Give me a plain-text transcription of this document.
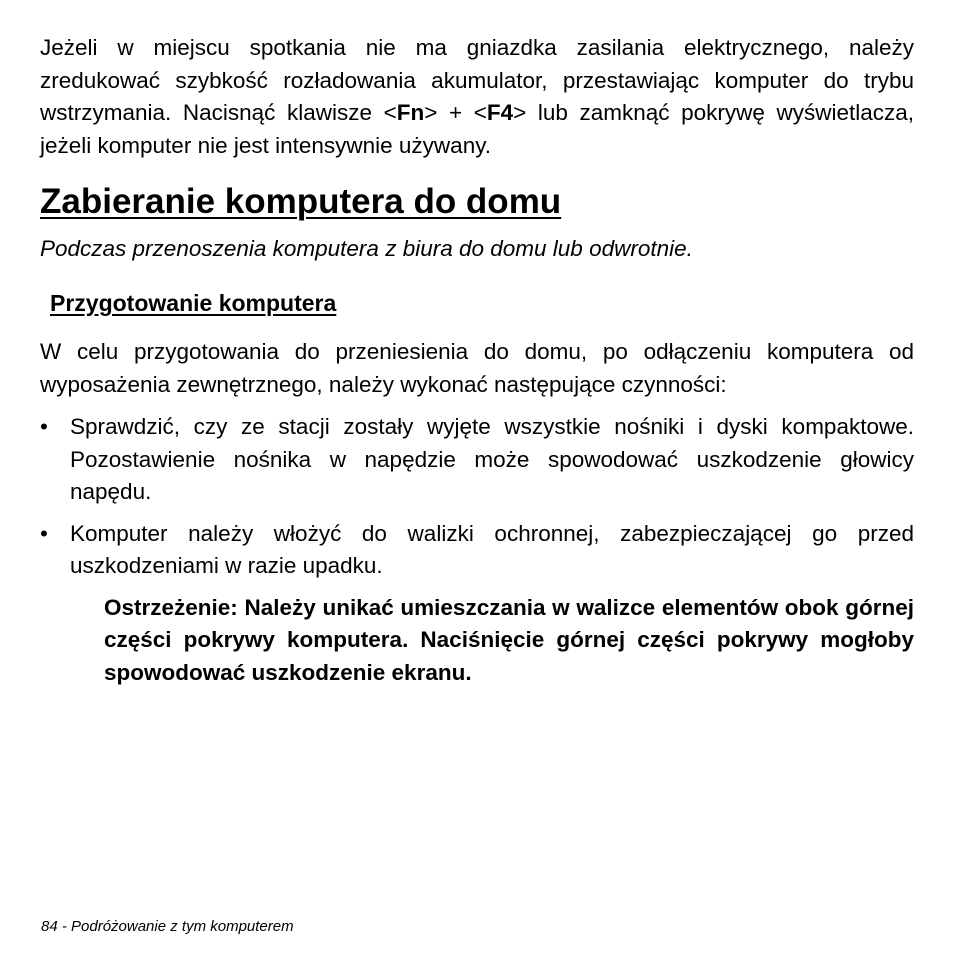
Jeżeli w miejscu spotkania nie ma gniazdka zasilania elektrycznego, należy zredukować szybkość rozładowania akumulator, przestawiając komputer do trybu wstrzymania. Nacisnąć klawisze <Fn> + <F4> lub zamknąć pokrywę wyświetlacza, jeżeli komputer nie jest intensywnie używany.

Zabieranie komputera do domu

Podczas przenoszenia komputera z biura do domu lub odwrotnie.

Przygotowanie komputera

W celu przygotowania do przeniesienia do domu, po odłączeniu komputera od wyposażenia zewnętrznego, należy wykonać następujące czynności:

• Sprawdzić, czy ze stacji zostały wyjęte wszystkie nośniki i dyski kompaktowe. Pozostawienie nośnika w napędzie może spowodować uszkodzenie głowicy napędu.
• Komputer należy włożyć do walizki ochronnej, zabezpieczającej go przed uszkodzeniami w razie upadku.

Ostrzeżenie: Należy unikać umieszczania w walizce elementów obok górnej części pokrywy komputera. Naciśnięcie górnej części pokrywy mogłoby spowodować uszkodzenie ekranu.

84 - Podróżowanie z tym komputerem
